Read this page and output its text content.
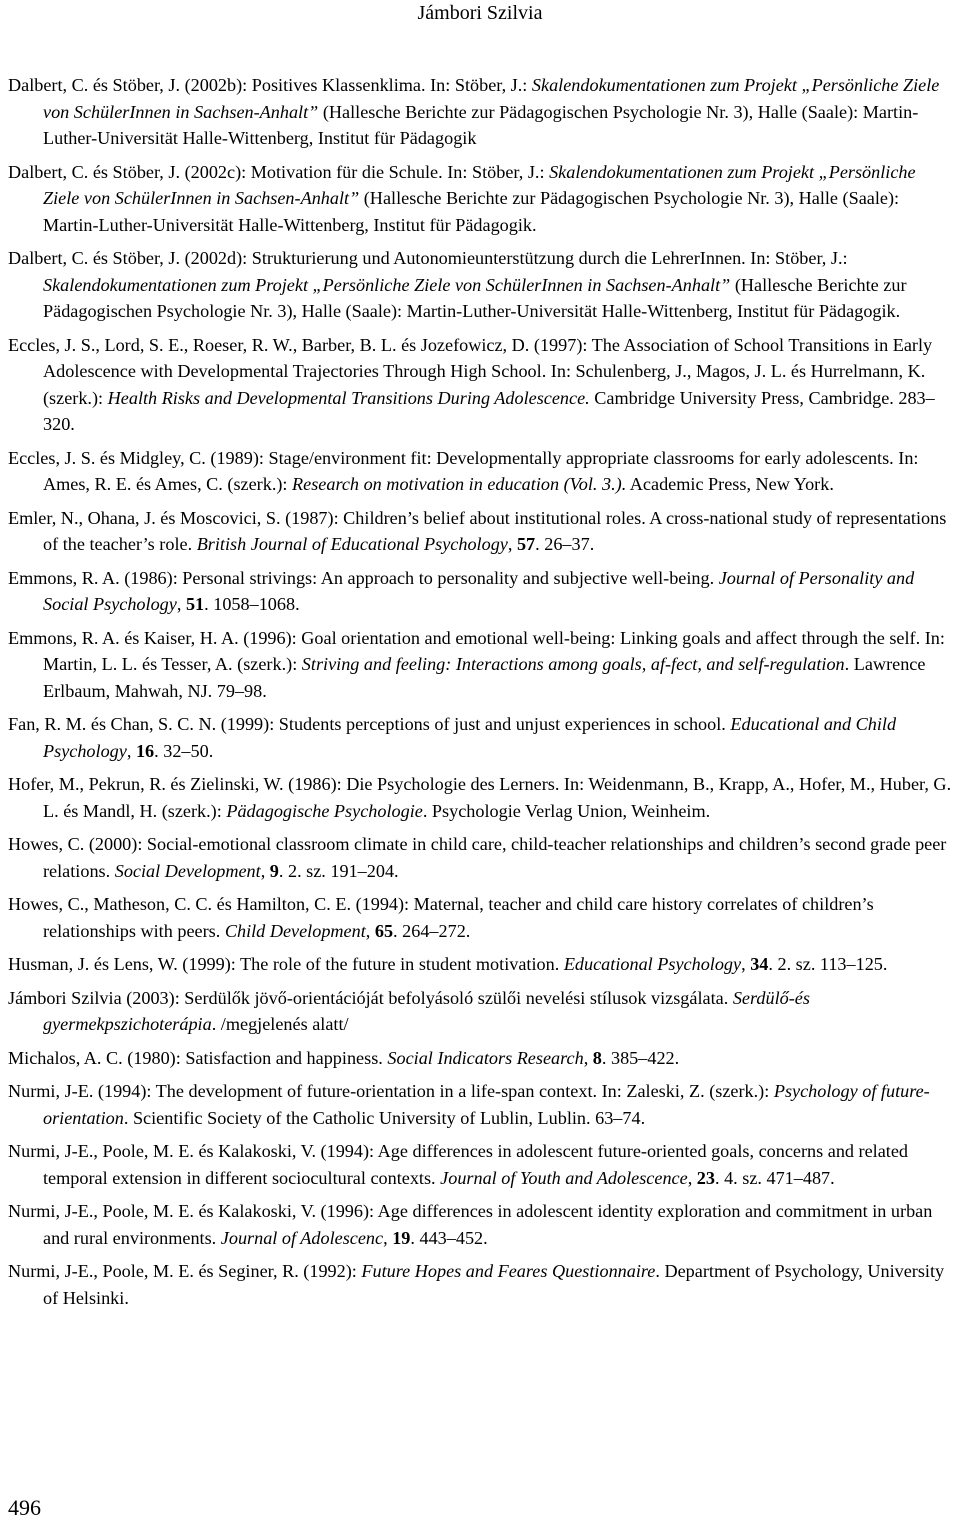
Jámbori Szilvia

Dalbert, C. és Stöber, J. (2002b): Positives Klassenklima. In: Stöber, J.: Skalendokumentationen zum Projekt „Persönliche Ziele von SchülerInnen in Sachsen-Anhalt” (Hallesche Berichte zur Pädagogischen Psychologie Nr. 3), Halle (Saale): Martin-Luther-Universität Halle-Wittenberg, Institut für Pädagogik

Dalbert, C. és Stöber, J. (2002c): Motivation für die Schule. In: Stöber, J.: Skalendokumentationen zum Projekt „Persönliche Ziele von SchülerInnen in Sachsen-Anhalt” (Hallesche Berichte zur Pädagogischen Psychologie Nr. 3), Halle (Saale): Martin-Luther-Universität Halle-Wittenberg, Institut für Pädagogik.

Dalbert, C. és Stöber, J. (2002d): Strukturierung und Autonomieunterstützung durch die LehrerInnen. In: Stöber, J.: Skalendokumentationen zum Projekt „Persönliche Ziele von SchülerInnen in Sachsen-Anhalt” (Hallesche Berichte zur Pädagogischen Psychologie Nr. 3), Halle (Saale): Martin-Luther-Universität Halle-Wittenberg, Institut für Pädagogik.

Eccles, J. S., Lord, S. E., Roeser, R. W., Barber, B. L. és Jozefowicz, D. (1997): The Association of School Transitions in Early Adolescence with Developmental Trajectories Through High School. In: Schulenberg, J., Magos, J. L. és Hurrelmann, K. (szerk.): Health Risks and Developmental Transitions During Adolescence. Cambridge University Press, Cambridge. 283–320.

Eccles, J. S. és Midgley, C. (1989): Stage/environment fit: Developmentally appropriate classrooms for early adolescents. In: Ames, R. E. és Ames, C. (szerk.): Research on motivation in education (Vol. 3.). Academic Press, New York.

Emler, N., Ohana, J. és Moscovici, S. (1987): Children’s belief about institutional roles. A cross-national study of representations of the teacher’s role. British Journal of Educational Psychology, 57. 26–37.

Emmons, R. A. (1986): Personal strivings: An approach to personality and subjective well-being. Journal of Personality and Social Psychology, 51. 1058–1068.

Emmons, R. A. és Kaiser, H. A. (1996): Goal orientation and emotional well-being: Linking goals and affect through the self. In: Martin, L. L. és Tesser, A. (szerk.): Striving and feeling: Interactions among goals, af-fect, and self-regulation. Lawrence Erlbaum, Mahwah, NJ. 79–98.

Fan, R. M. és Chan, S. C. N. (1999): Students perceptions of just and unjust experiences in school. Educational and Child Psychology, 16. 32–50.

Hofer, M., Pekrun, R. és Zielinski, W. (1986): Die Psychologie des Lerners. In: Weidenmann, B., Krapp, A., Hofer, M., Huber, G. L. és Mandl, H. (szerk.): Pädagogische Psychologie. Psychologie Verlag Union, Weinheim.

Howes, C. (2000): Social-emotional classroom climate in child care, child-teacher relationships and children’s second grade peer relations. Social Development, 9. 2. sz. 191–204.

Howes, C., Matheson, C. C. és Hamilton, C. E. (1994): Maternal, teacher and child care history correlates of children’s relationships with peers. Child Development, 65. 264–272.

Husman, J. és Lens, W. (1999): The role of the future in student motivation. Educational Psychology, 34. 2. sz. 113–125.

Jámbori Szilvia (2003): Serdülők jövő-orientációját befolyásoló szülői nevelési stílusok vizsgálata. Serdülő-és gyermekpszichoterápia. /megjelenés alatt/

Michalos, A. C. (1980): Satisfaction and happiness. Social Indicators Research, 8. 385–422.

Nurmi, J-E. (1994): The development of future-orientation in a life-span context. In: Zaleski, Z. (szerk.): Psychology of future-orientation. Scientific Society of the Catholic University of Lublin, Lublin. 63–74.

Nurmi, J-E., Poole, M. E. és Kalakoski, V. (1994): Age differences in adolescent future-oriented goals, concerns and related temporal extension in different sociocultural contexts. Journal of Youth and Adolescence, 23. 4. sz. 471–487.

Nurmi, J-E., Poole, M. E. és Kalakoski, V. (1996): Age differences in adolescent identity exploration and commitment in urban and rural environments. Journal of Adolescenc, 19. 443–452.

Nurmi, J-E., Poole, M. E. és Seginer, R. (1992): Future Hopes and Feares Questionnaire. Department of Psychology, University of Helsinki.

496
